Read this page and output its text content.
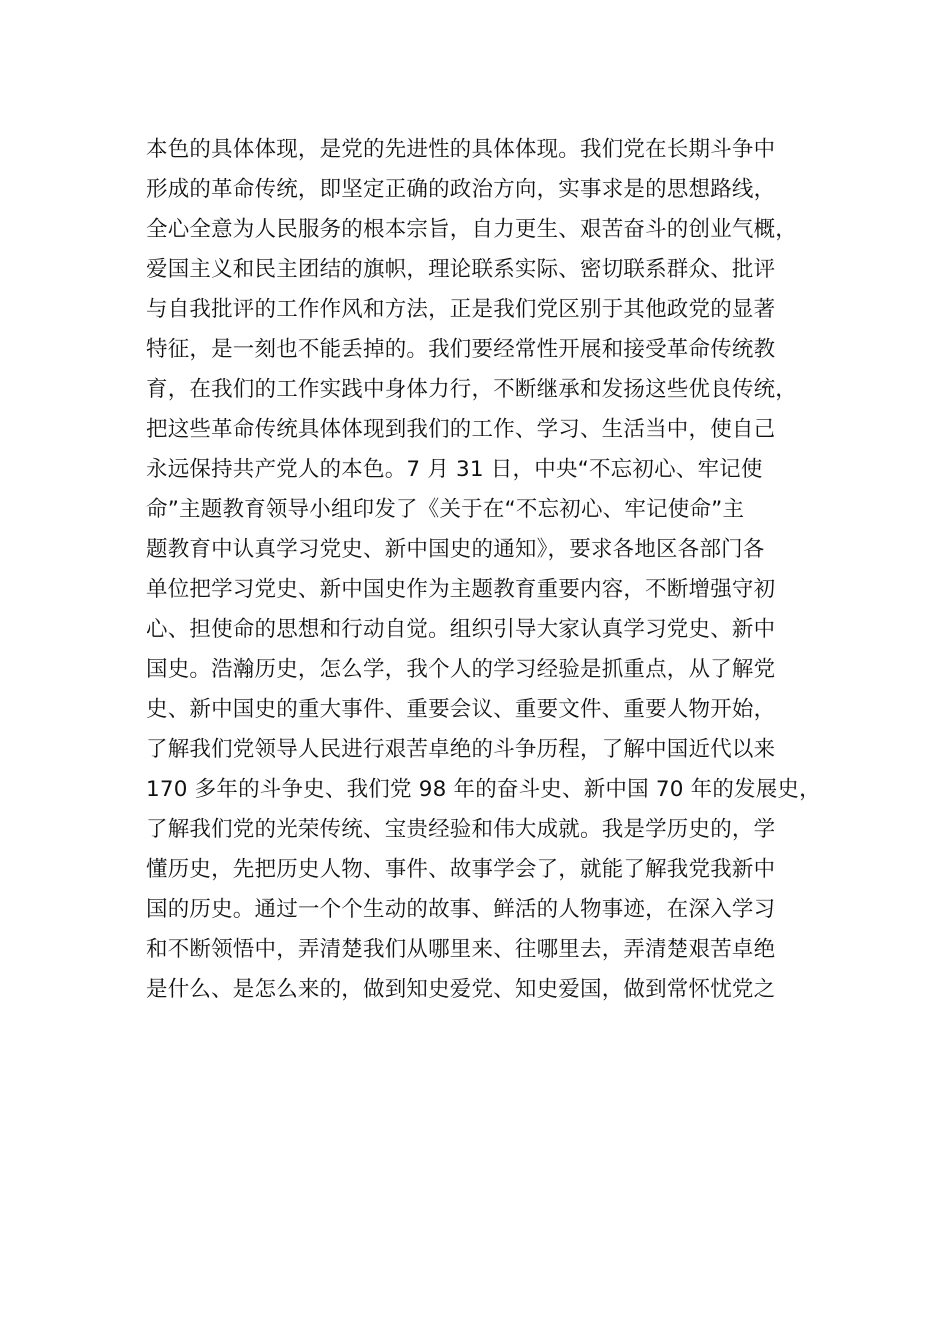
本色的具体体现，是党的先进性的具体体现。我们党在长期斗争中
形成的革命传统，即坚定正确的政治方向，实事求是的思想路线，
全心全意为人民服务的根本宗旨，自力更生、艰苦奋斗的创业气概，
爱国主义和民主团结的旗帜，理论联系实际、密切联系群众、批评
与自我批评的工作作风和方法，正是我们党区别于其他政党的显著
特征，是一刻也不能丢掉的。我们要经常性开展和接受革命传统教
育，在我们的工作实践中身体力行，不断继承和发扬这些优良传统，
把这些革命传统具体体现到我们的工作、学习、生活当中，使自己
永远保持共产党人的本色。7 月 31 日，中央“不忘初心、牢记使
命”主题教育领导小组印发了《关于在“不忘初心、牢记使命”主
题教育中认真学习党史、新中国史的通知》，要求各地区各部门各
单位把学习党史、新中国史作为主题教育重要内容，不断增强守初
心、担使命的思想和行动自觉。组织引导大家认真学习党史、新中
国史。浩瀚历史，怎么学，我个人的学习经验是抓重点，从了解党
史、新中国史的重大事件、重要会议、重要文件、重要人物开始，
了解我们党领导人民进行艰苦卓绝的斗争历程，了解中国近代以来
170 多年的斗争史、我们党 98 年的奋斗史、新中国 70 年的发展史，
了解我们党的光荣传统、宝贵经验和伟大成就。我是学历史的，学
懂历史，先把历史人物、事件、故事学会了，就能了解我党我新中
国的历史。通过一个个生动的故事、鲜活的人物事迹，在深入学习
和不断领悟中，弄清楚我们从哪里来、往哪里去，弄清楚艰苦卓绝
是什么、是怎么来的，做到知史爱党、知史爱国，做到常怀忧党之
